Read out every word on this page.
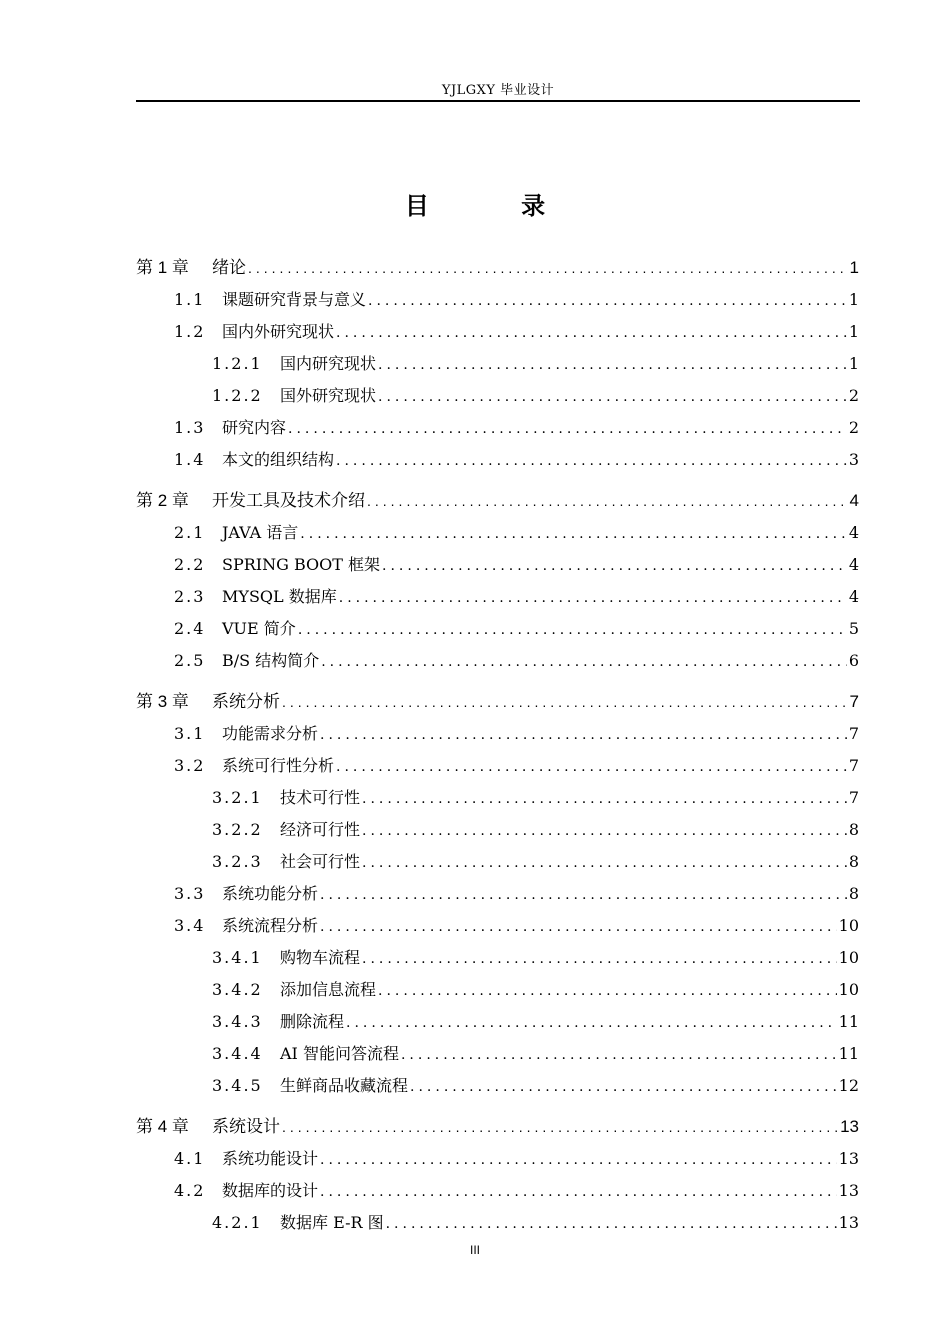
YJLGXY 毕业设计
目 录
第 1 章	绪论 .....	1
1.1	课题研究背景与意义 .....	1
1.2	国内外研究现状 .....	1
1.2.1	国内研究现状 .....	1
1.2.2	国外研究现状 .....	2
1.3	研究内容 .....	2
1.4	本文的组织结构 .....	3
第 2 章	开发工具及技术介绍 .....	4
2.1	JAVA 语言 .....	4
2.2	SPRING BOOT 框架 .....	4
2.3	MYSQL 数据库 .....	4
2.4	VUE 简介 .....	5
2.5	B/S 结构简介 .....	6
第 3 章	系统分析 .....	7
3.1	功能需求分析 .....	7
3.2	系统可行性分析 .....	7
3.2.1	技术可行性 .....	7
3.2.2	经济可行性 .....	8
3.2.3	社会可行性 .....	8
3.3	系统功能分析 .....	8
3.4	系统流程分析 .....	10
3.4.1	购物车流程 .....	10
3.4.2	添加信息流程 .....	10
3.4.3	删除流程 .....	11
3.4.4	AI 智能问答流程 .....	11
3.4.5	生鲜商品收藏流程 .....	12
第 4 章	系统设计 .....	13
4.1	系统功能设计 .....	13
4.2	数据库的设计 .....	13
4.2.1	数据库 E-R 图 .....	13
III
